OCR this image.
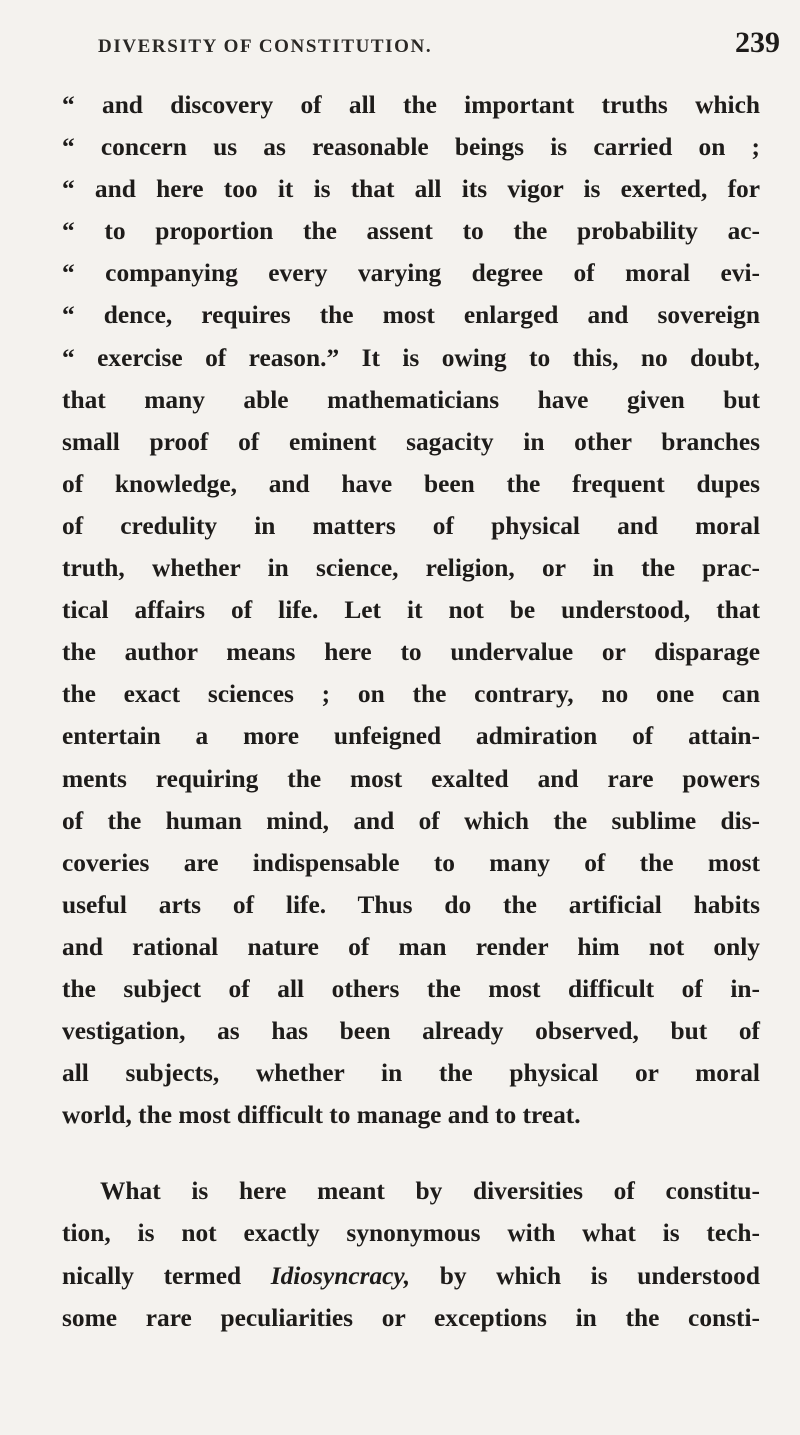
DIVERSITY OF CONSTITUTION.	239
“ and discovery of all the important truths which
“ concern us as reasonable beings is carried on ;
“ and here too it is that all its vigor is exerted, for
“ to proportion the assent to the probability ac-
“ companying every varying degree of moral evi-
“ dence, requires the most enlarged and sovereign
“ exercise of reason.” It is owing to this, no doubt,
that many able mathematicians have given but
small proof of eminent sagacity in other branches
of knowledge, and have been the frequent dupes
of credulity in matters of physical and moral
truth, whether in science, religion, or in the prac-
tical affairs of life. Let it not be understood, that
the author means here to undervalue or disparage
the exact sciences ; on the contrary, no one can
entertain a more unfeigned admiration of attain-
ments requiring the most exalted and rare powers
of the human mind, and of which the sublime dis-
coveries are indispensable to many of the most
useful arts of life. Thus do the artificial habits
and rational nature of man render him not only
the subject of all others the most difficult of in-
vestigation, as has been already observed, but of
all subjects, whether in the physical or moral
world, the most difficult to manage and to treat.
What is here meant by diversities of constitu-
tion, is not exactly synonymous with what is tech-
nically termed Idiosyncracy, by which is understood
some rare peculiarities or exceptions in the consti-
